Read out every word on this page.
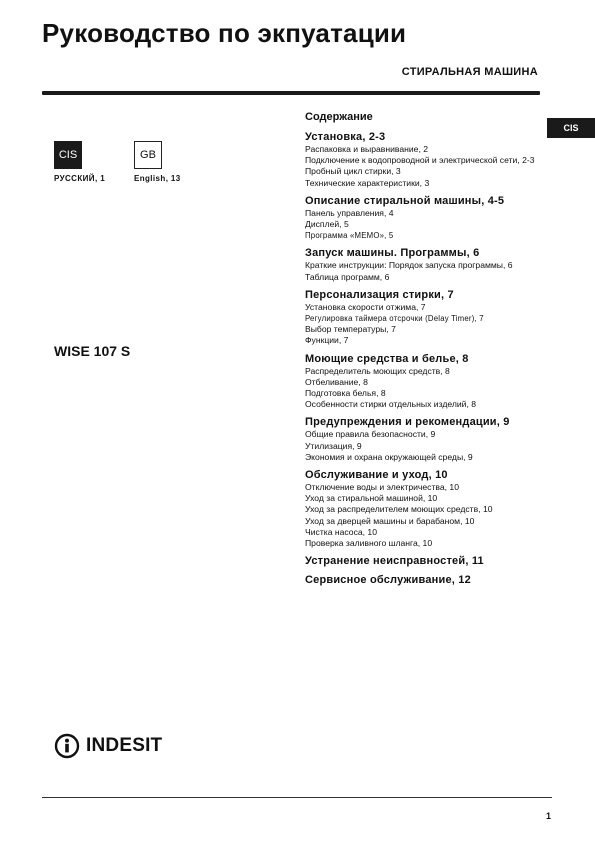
Руководство по экпуатации
СТИРАЛЬНАЯ МАШИНА
CIS
CIS	GB
РУССКИЙ, 1	English, 13
WISE 107 S
Содержание
Установка, 2-3
Распаковка и выравнивание, 2
Подключение к водопроводной и электрической сети, 2-3
Пробный цикл стирки, 3
Технические характеристики, 3
Описание стиральной машины, 4-5
Панель управления, 4
Дисплей, 5
Программа «МЕМО», 5
Запуск машины. Программы, 6
Краткие инструкции: Порядок запуска программы, 6
Таблица программ, 6
Персонализация стирки, 7
Установка скорости отжима, 7
Регулировка таймера отсрочки (Delay Timer), 7
Выбор температуры, 7
Функции, 7
Моющие средства и белье, 8
Распределитель моющих средств, 8
Отбеливание, 8
Подготовка белья, 8
Особенности стирки отдельных изделий, 8
Предупреждения и рекомендации, 9
Общие правила безопасности, 9
Утилизация, 9
Экономия и охрана окружающей среды, 9
Обслуживание и уход, 10
Отключение воды и электричества, 10
Уход за стиральной машиной, 10
Уход за распределителем моющих средств, 10
Уход за дверцей машины и барабаном, 10
Чистка насоса, 10
Проверка заливного шланга, 10
Устранение неисправностей, 11
Сервисное обслуживание, 12
INDESIT
1
